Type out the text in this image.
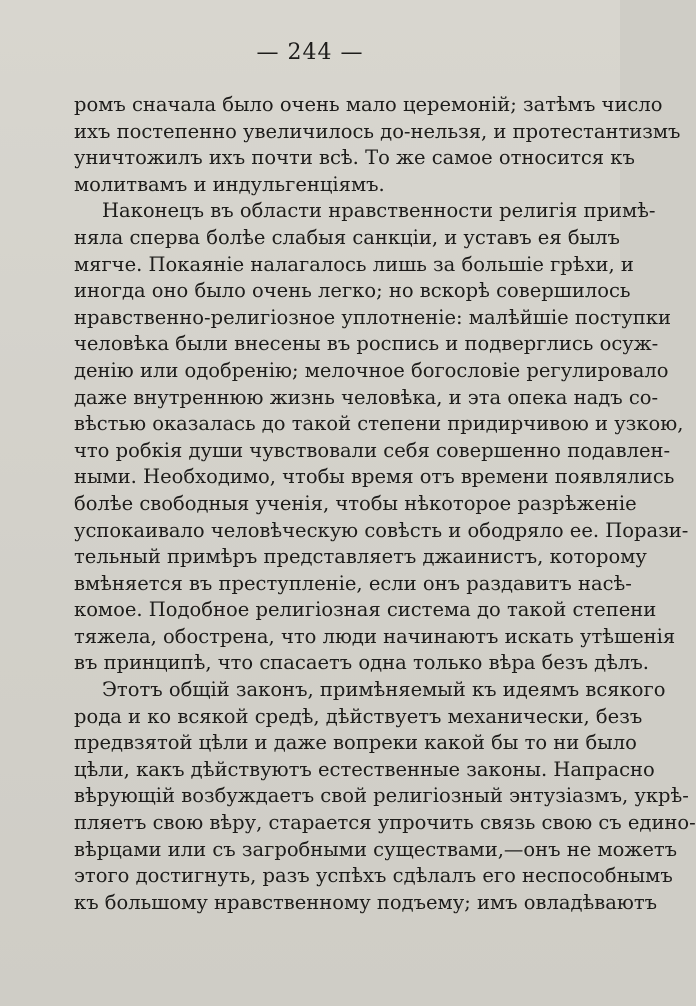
— 244 —
ромъ сначала было очень мало церемоній; затѣмъ число
ихъ постепенно увеличилось до-нельзя, и протестантизмъ
уничтожилъ ихъ почти всѣ. То же самое относится къ
молитвамъ и индульгенціямъ.
Наконецъ въ области нравственности религія примѣ-
няла сперва болѣе слабыя санкціи, и уставъ ея былъ
мягче. Покаяніе налагалось лишь за большіе грѣхи, и
иногда оно было очень легко; но вскорѣ совершилось
нравственно-религіозное уплотненіе: малѣйшіе поступки
человѣка были внесены въ роспись и подверглись осуж-
денію или одобренію; мелочное богословіе регулировало
даже внутреннюю жизнь человѣка, и эта опека надъ со-
вѣстью оказалась до такой степени придирчивою и узкою,
что робкія души чувствовали себя совершенно подавлен-
ными. Необходимо, чтобы время отъ времени появлялись
болѣе свободныя ученія, чтобы нѣкоторое разрѣженіе
успокаивало человѣческую совѣсть и ободряло ее. Порази-
тельный примѣръ представляетъ джаинистъ, которому
вмѣняется въ преступленіе, если онъ раздавитъ насѣ-
комое. Подобное религіозная система до такой степени
тяжела, обострена, что люди начинаютъ искать утѣшенія
въ принципѣ, что спасаетъ одна только вѣра безъ дѣлъ.
Этотъ общій законъ, примѣняемый къ идеямъ всякого
рода и ко всякой средѣ, дѣйствуетъ механически, безъ
предвзятой цѣли и даже вопреки какой бы то ни было
цѣли, какъ дѣйствуютъ естественные законы. Напрасно
вѣрующій возбуждаетъ свой религіозный энтузіазмъ, укрѣ-
пляетъ свою вѣру, старается упрочить связь свою съ едино-
вѣрцами или съ загробными существами,—онъ не можетъ
этого достигнуть, разъ успѣхъ сдѣлалъ его неспособнымъ
къ большому нравственному подъему; имъ овладѣваютъ
